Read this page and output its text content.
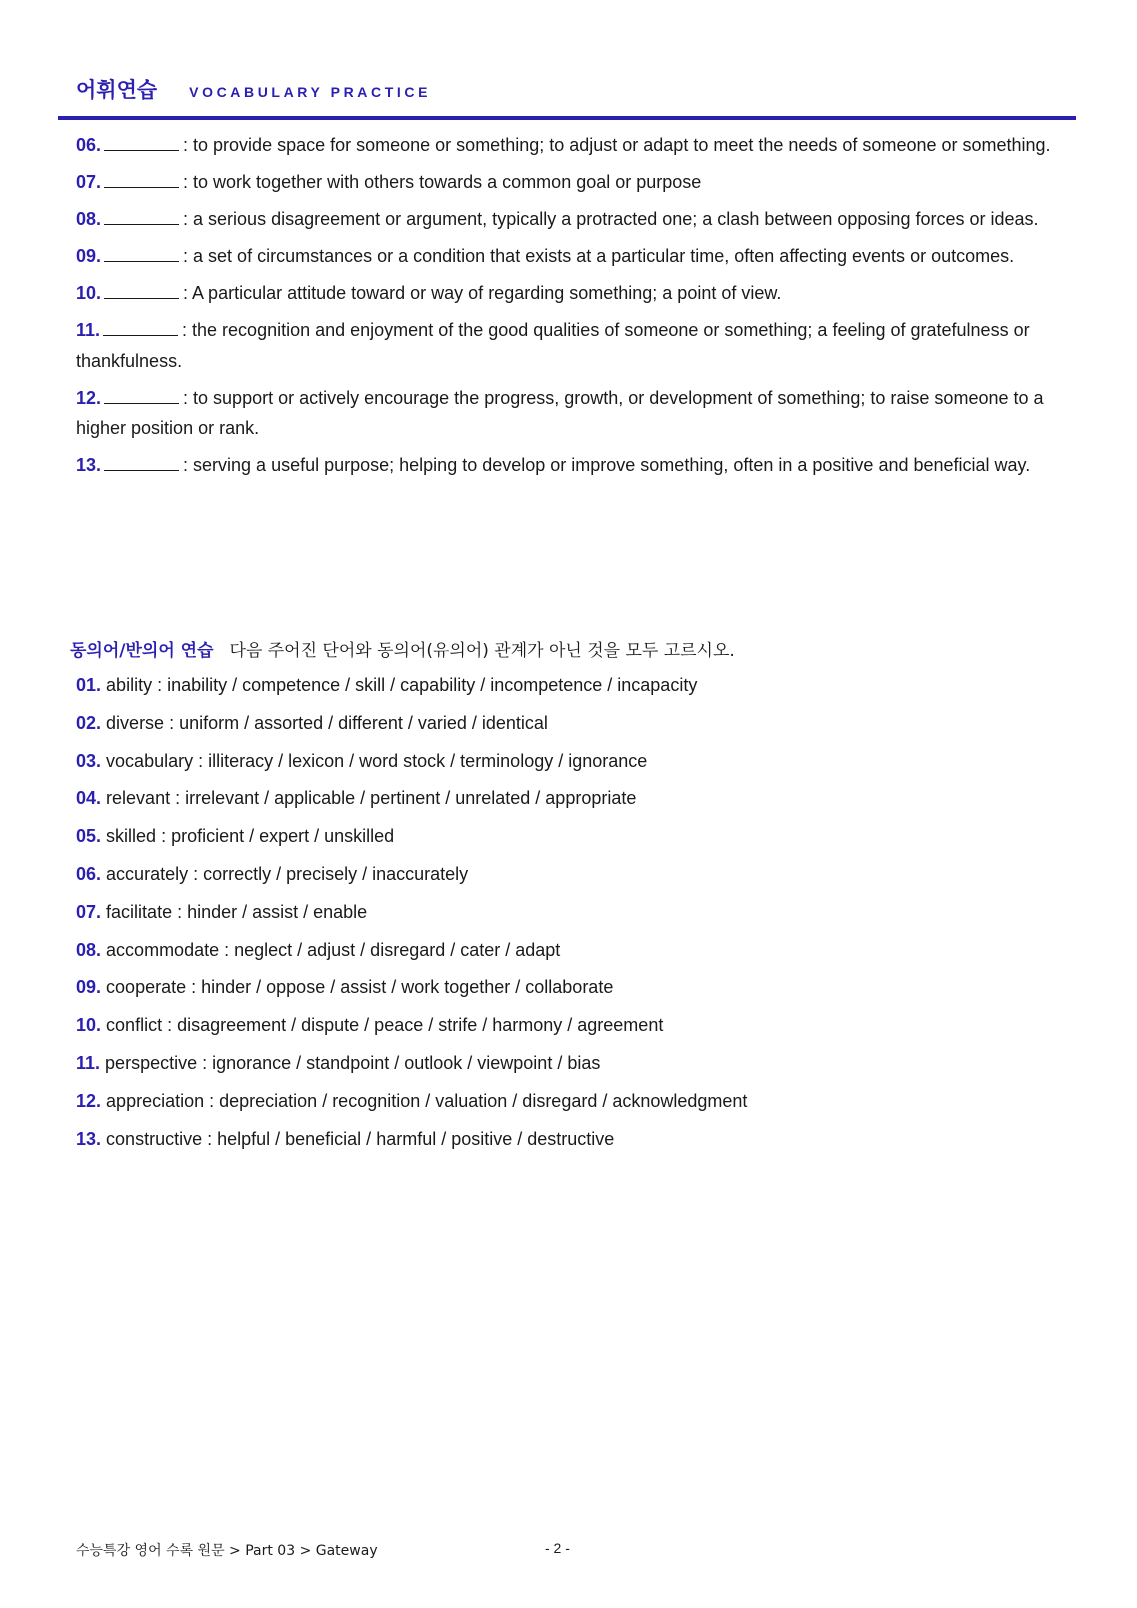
어휘연습 VOCABULARY PRACTICE
06.	: to provide space for someone or something; to adjust or adapt to meet the needs of someone or something.
07.	: to work together with others towards a common goal or purpose
08.	: a serious disagreement or argument, typically a protracted one; a clash between opposing forces or ideas.
09.	: a set of circumstances or a condition that exists at a particular time, often affecting events or outcomes.
10.	: A particular attitude toward or way of regarding something; a point of view.
11.	: the recognition and enjoyment of the good qualities of someone or something; a feeling of gratefulness or thankfulness.
12.	: to support or actively encourage the progress, growth, or development of something; to raise someone to a higher position or rank.
13.	: serving a useful purpose; helping to develop or improve something, often in a positive and beneficial way.
동의어/반의어 연습 다음 주어진 단어와 동의어(유의어) 관계가 아닌 것을 모두 고르시오.
01. ability : inability / competence / skill / capability / incompetence / incapacity
02. diverse : uniform / assorted / different / varied / identical
03. vocabulary : illiteracy / lexicon / word stock / terminology / ignorance
04. relevant : irrelevant / applicable / pertinent / unrelated / appropriate
05. skilled : proficient / expert / unskilled
06. accurately : correctly / precisely / inaccurately
07. facilitate : hinder / assist / enable
08. accommodate : neglect / adjust / disregard / cater / adapt
09. cooperate : hinder / oppose / assist / work together / collaborate
10. conflict : disagreement / dispute / peace / strife / harmony / agreement
11. perspective : ignorance / standpoint / outlook / viewpoint / bias
12. appreciation : depreciation / recognition / valuation / disregard / acknowledgment
13. constructive : helpful / beneficial / harmful / positive / destructive
수능특강 영어 수록 원문 > Part 03 > Gateway	- 2 -
